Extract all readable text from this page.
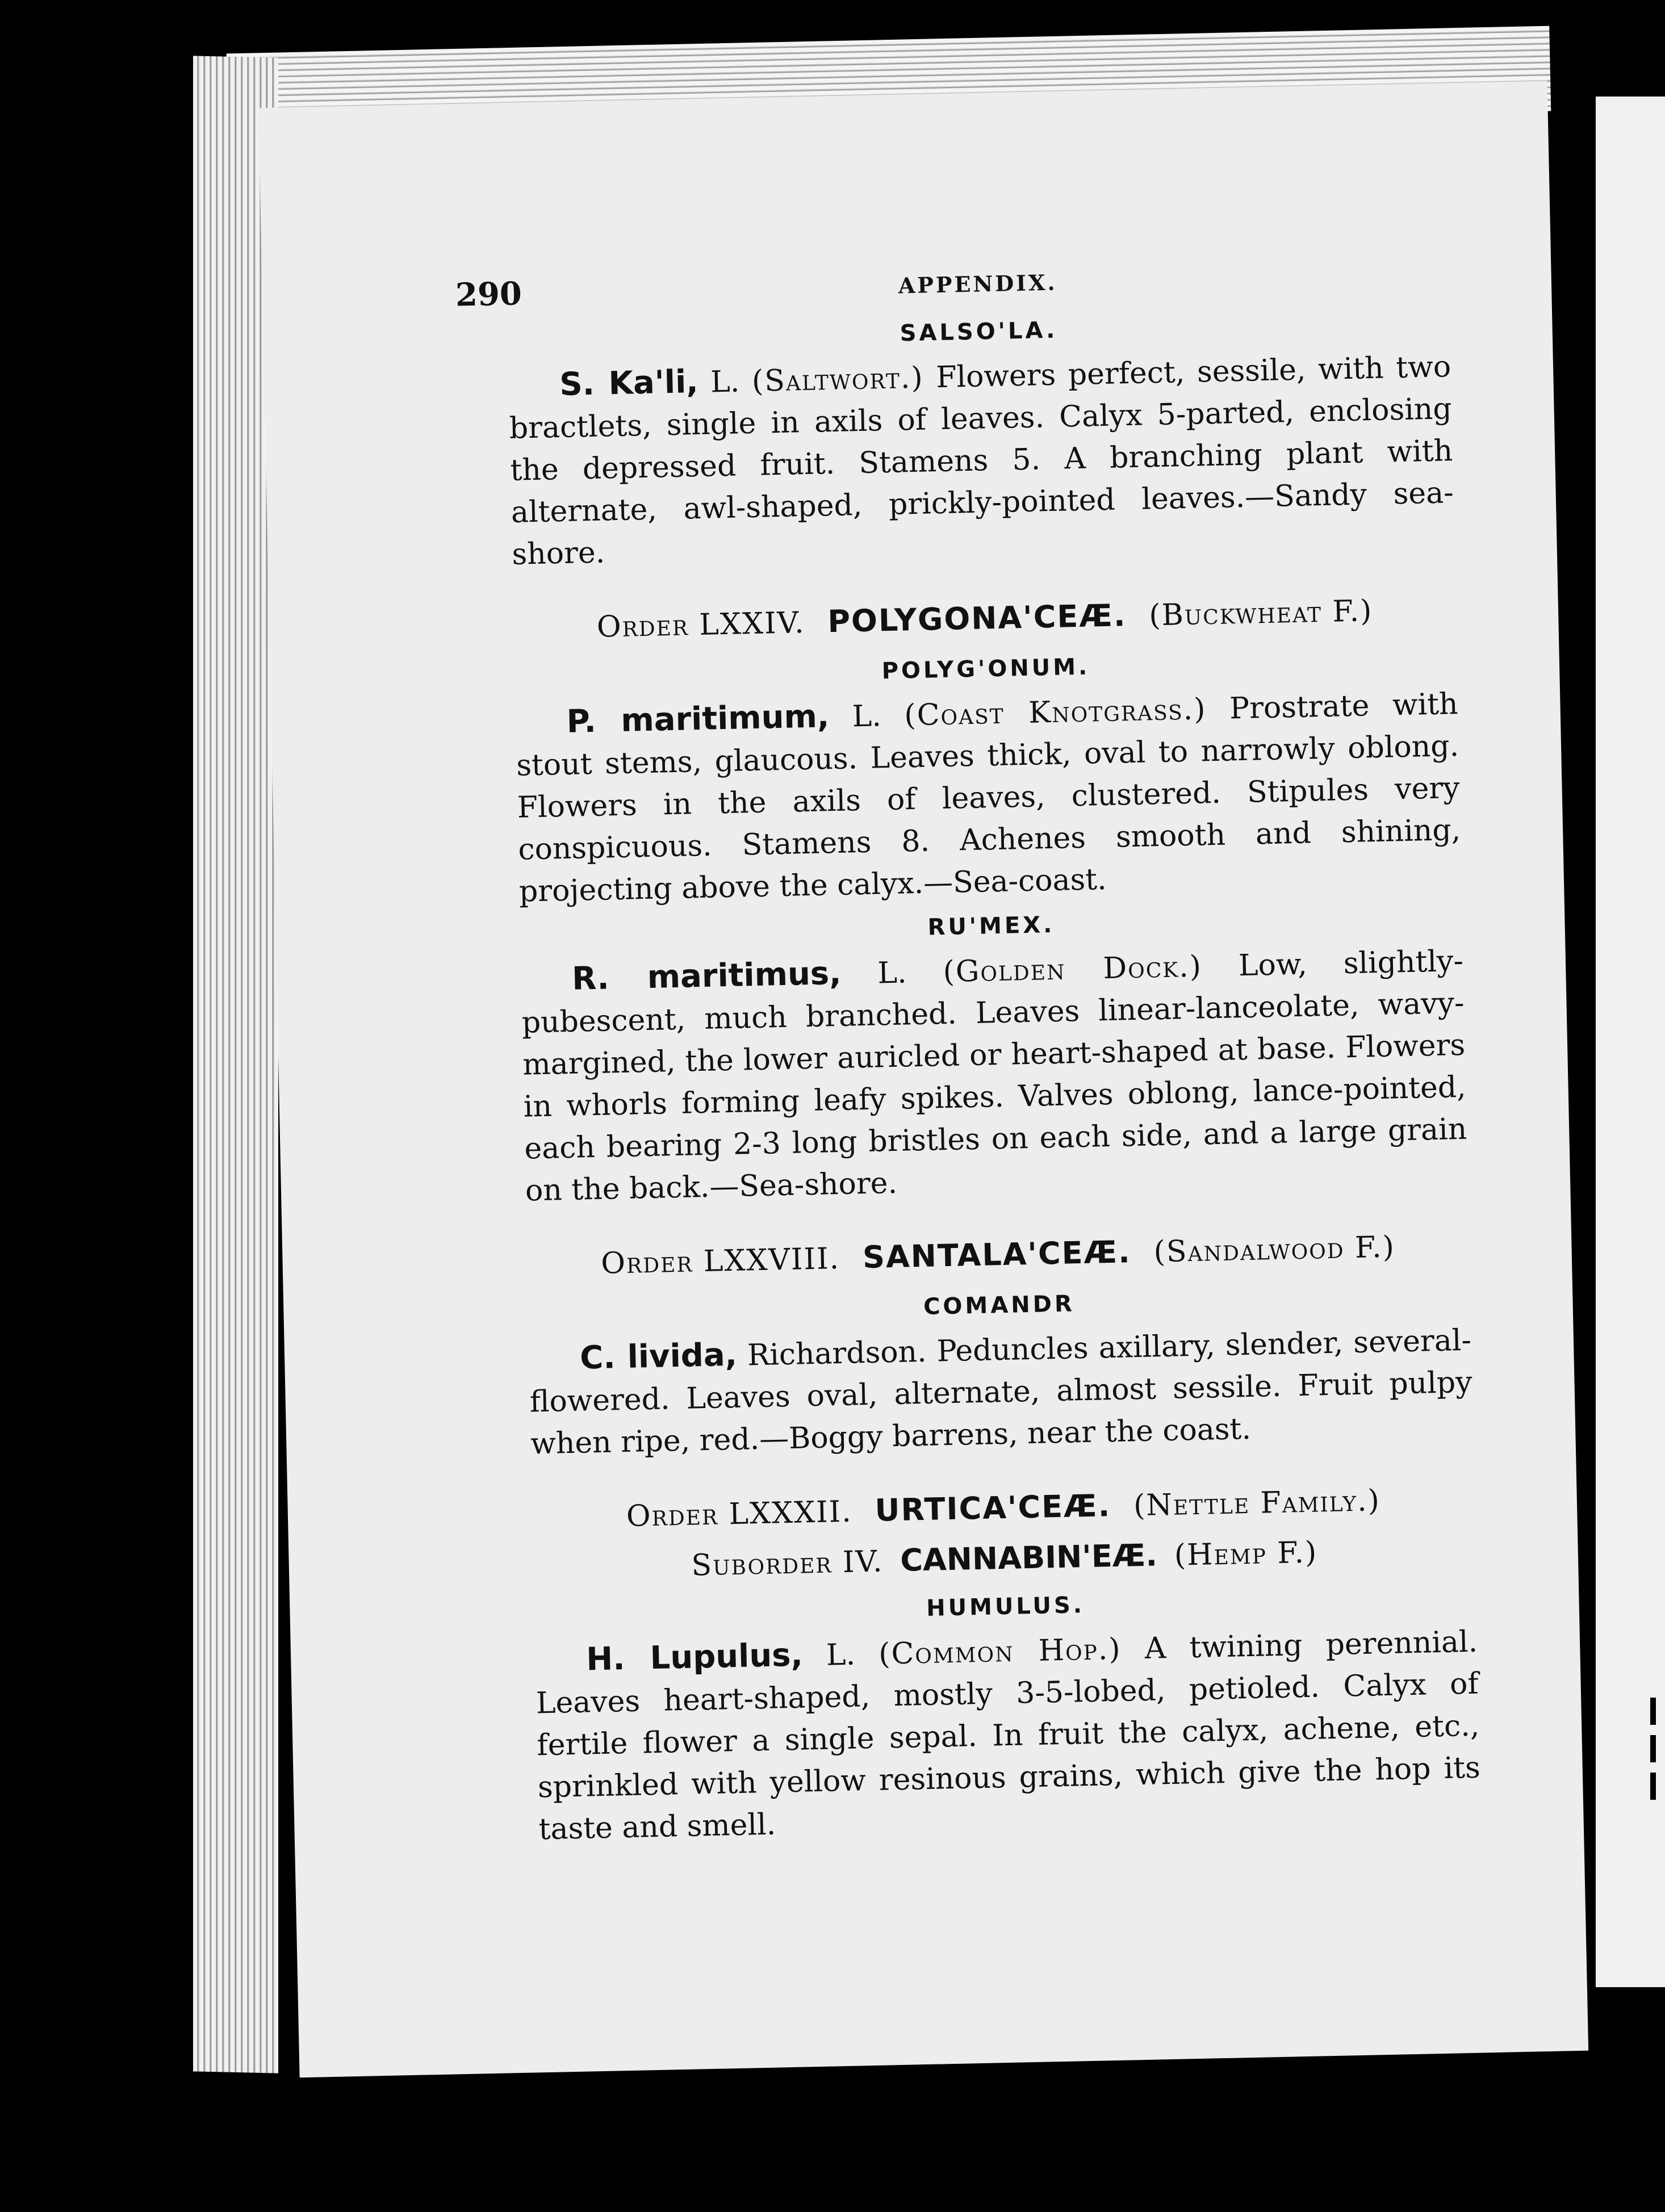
290	APPENDIX.
SALSO'LA.

S. Ka'li, L. (Saltwort.) Flowers perfect, sessile, with two bractlets, single in axils of leaves. Calyx 5-parted, enclosing the depressed fruit. Stamens 5. A branching plant with alternate, awl-shaped, prickly-pointed leaves.—Sandy sea-shore.

Order LXXIV. POLYGONA'CEÆ. (Buckwheat F.)
POLYG'ONUM.

P. maritimum, L. (Coast Knotgrass.) Prostrate with stout stems, glaucous. Leaves thick, oval to narrowly oblong. Flowers in the axils of leaves, clustered. Stipules very conspicuous. Stamens 8. Achenes smooth and shining, projecting above the calyx.—Sea-coast.

RU'MEX.

R. maritimus, L. (Golden Dock.) Low, slightly-pubescent, much branched. Leaves linear-lanceolate, wavy-margined, the lower auricled or heart-shaped at base. Flowers in whorls forming leafy spikes. Valves oblong, lance-pointed, each bearing 2-3 long bristles on each side, and a large grain on the back.—Sea-shore.

Order LXXVIII. SANTALA'CEÆ. (Sandalwood F.)
COMANDR

C. livida, Richardson. Peduncles axillary, slender, several-flowered. Leaves oval, alternate, almost sessile. Fruit pulpy when ripe, red.—Boggy barrens, near the coast.

Order LXXXII. URTICA'CEÆ. (Nettle Family.)
Suborder IV. CANNABIN'EÆ. (Hemp F.)
HUMULUS.

H. Lupulus, L. (Common Hop.) A twining perennial. Leaves heart-shaped, mostly 3-5-lobed, petioled. Calyx of fertile flower a single sepal. In fruit the calyx, achene, etc., sprinkled with yellow resinous grains, which give the hop its taste and smell.
